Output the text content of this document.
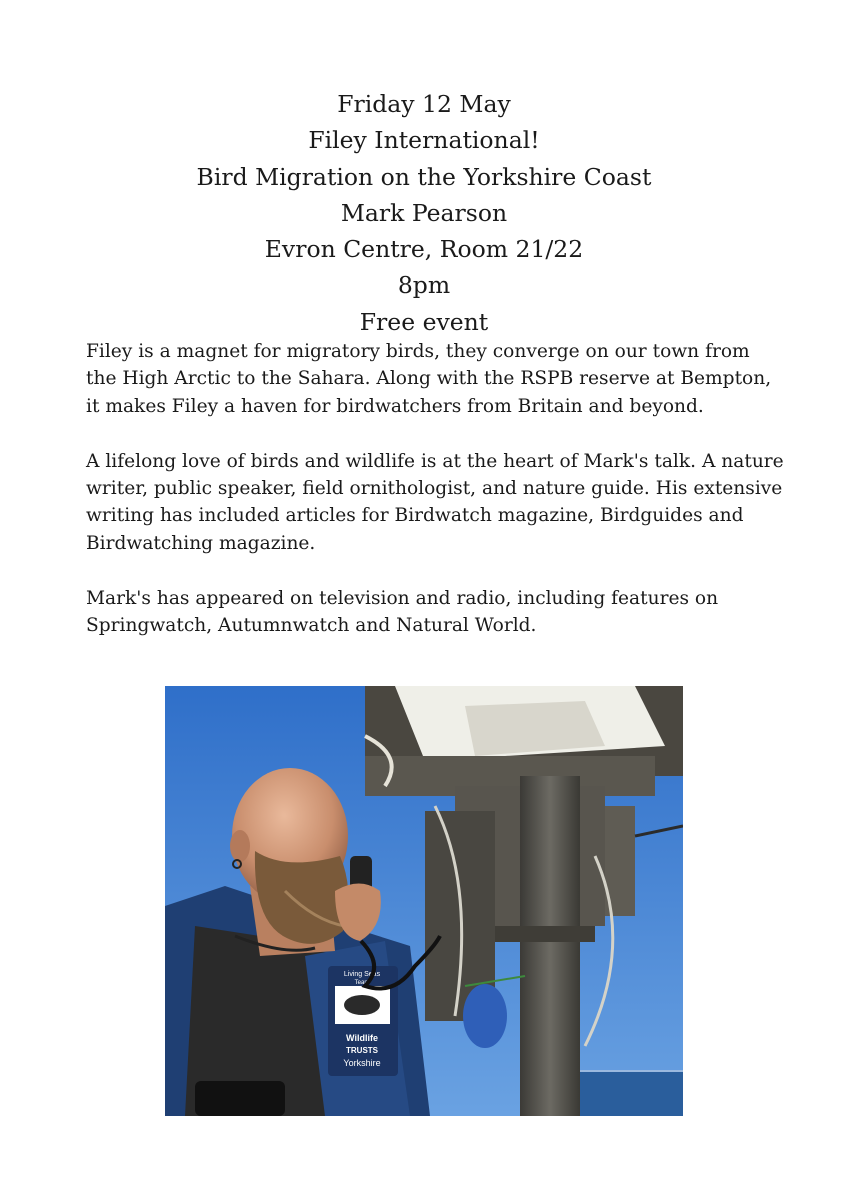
Friday 12 May
Filey International!
Bird Migration on the Yorkshire Coast
Mark Pearson
Evron Centre, Room 21/22
8pm
Free event

Filey is a magnet for migratory birds, they converge on our town from the High Arctic to the Sahara. Along with the RSPB reserve at Bempton, it makes Filey a haven for birdwatchers from Britain and beyond.

A lifelong love of birds and wildlife is at the heart of Mark's talk. A nature writer, public speaker, field ornithologist, and nature guide. His extensive writing has included articles for Birdwatch magazine, Birdguides and Birdwatching magazine.

Mark's has appeared on television and radio, including features on Springwatch, Autumnwatch and Natural World.

Wildlife
TRUSTS
Yorkshire
Living Seas
Team
